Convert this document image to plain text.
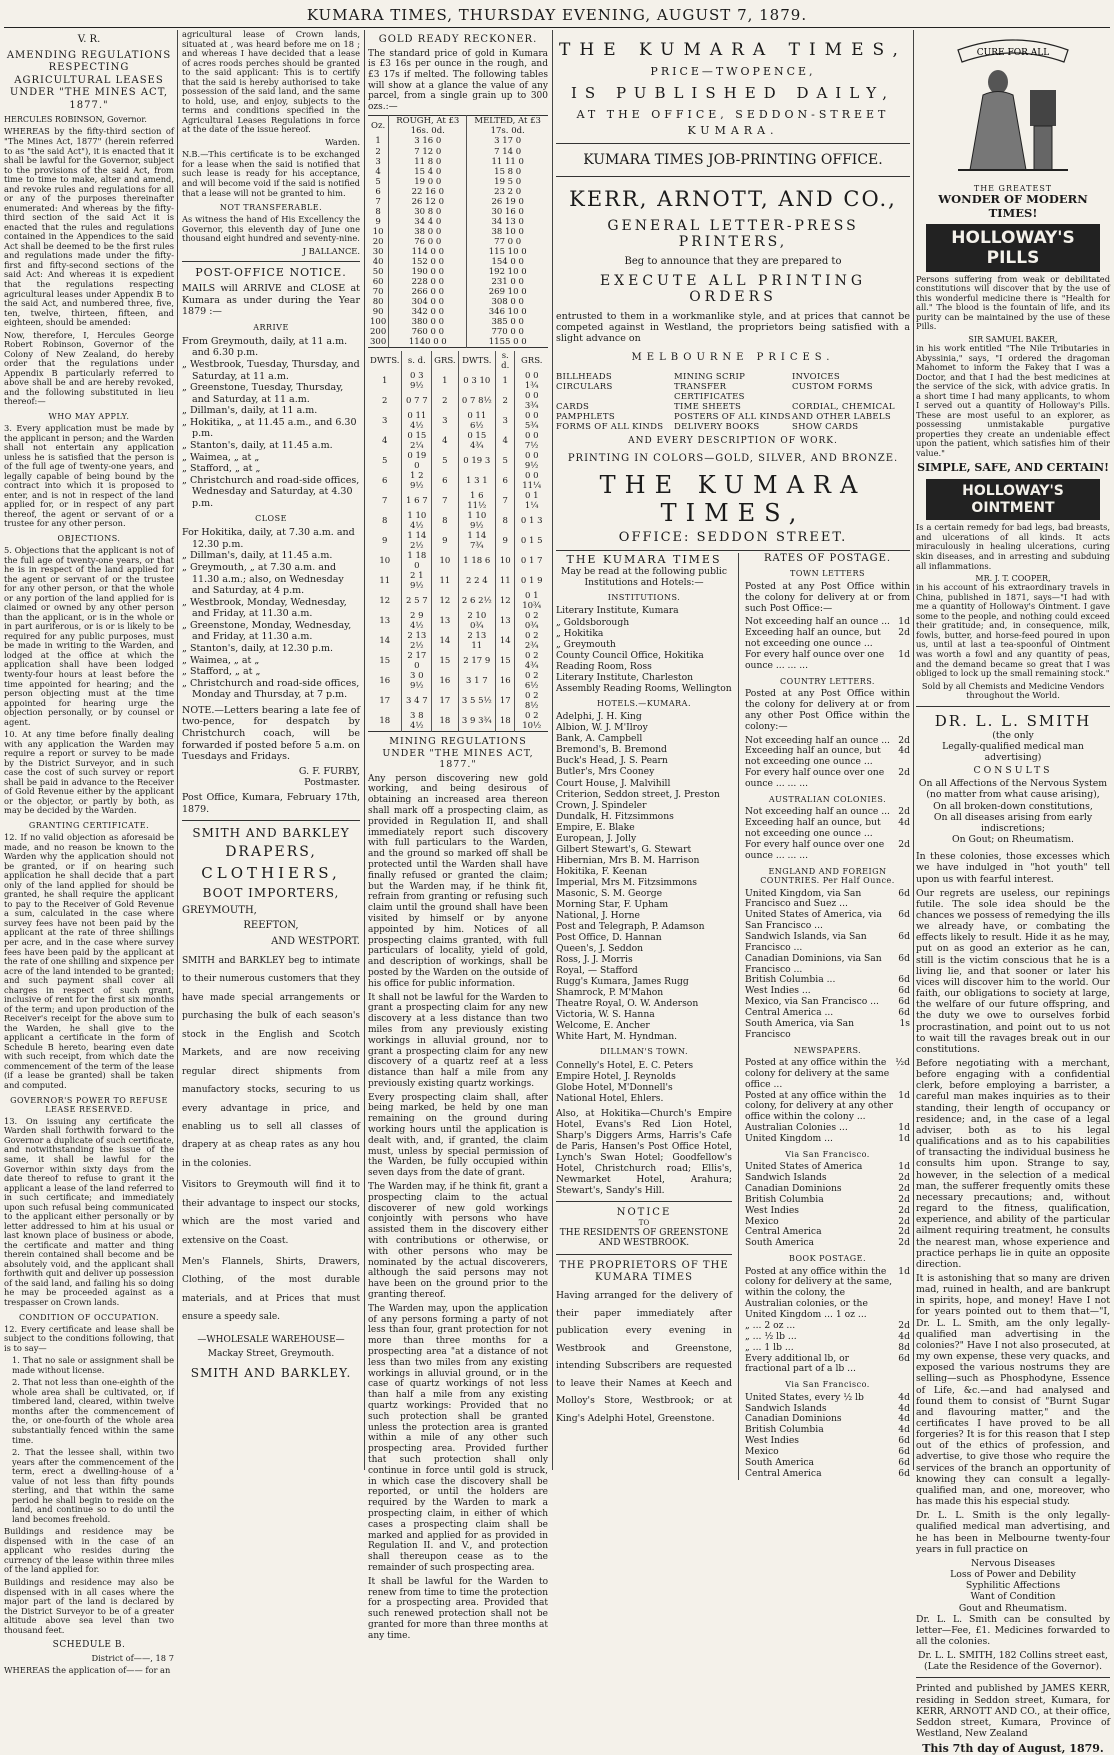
KUMARA TIMES, THURSDAY EVENING, AUGUST 7, 1879.
V. R.
AMENDING REGULATIONS RESPECTING AGRICULTURAL LEASES UNDER "THE MINES ACT, 1877."
HERCULES ROBINSON, Governor.

WHEREAS by the fifty-third section of "The Mines Act, 1877" (herein referred to as "the said Act"), it is enacted that it shall be lawful for the Governor, subject to the provisions of the said Act, from time to time to make, alter and amend, and revoke rules and regulations for all or any of the purposes thereinafter enumerated: And whereas by the fifty-third section of the said Act it is enacted that the rules and regulations contained in the Appendices to the said Act shall be deemed to be the first rules and regulations made under the fifty-first and fifty-second sections of the said Act: And whereas it is expedient that the regulations respecting agricultural leases under Appendix B to the said Act, and numbered three, five, ten, twelve, thirteen, fifteen, and eighteen, should be amended:

Now, therefore, I, Hercules George Robert Robinson, Governor of the Colony of New Zealand, do hereby order that the regulations under Appendix B particularly referred to above shall be and are hereby revoked, and the following substituted in lieu thereof:—

WHO MAY APPLY.

3. Every application must be made by the applicant in person; and the Warden shall not entertain any application unless he is satisfied that the person is of the full age of twenty-one years, and legally capable of being bound by the contract into which it is proposed to enter, and is not in respect of the land applied for, or in respect of any part thereof, the agent or servant of or a trustee for any other person.

OBJECTIONS.

5. Objections that the applicant is not of the full age of twenty-one years, or that he is in respect of the land applied for the agent or servant of or the trustee for any other person, or that the whole or any portion of the land applied for is claimed or owned by any other person than the applicant, or is in the whole or in part auriferous, or is or is likely to be required for any public purposes, must be made in writing to the Warden, and lodged at the office at which the application shall have been lodged twenty-four hours at least before the time appointed for hearing; and the person objecting must at the time appointed for hearing urge the objection personally, or by counsel or agent.

10. At any time before finally dealing with any application the Warden may require a report or survey to be made by the District Surveyor, and in such case the cost of such survey or report shall be paid in advance to the Receiver of Gold Revenue either by the applicant or the objector, or partly by both, as may be decided by the Warden.

GRANTING CERTIFICATE.

12. If no valid objection as aforesaid be made, and no reason be known to the Warden why the application should not be granted, or if on hearing such application he shall decide that a part only of the land applied for should be granted, he shall require the applicant to pay to the Receiver of Gold Revenue a sum, calculated in the case where survey fees have not been paid by the applicant at the rate of three shillings per acre, and in the case where survey fees have been paid by the applicant at the rate of one shilling and sixpence per acre of the land intended to be granted; and such payment shall cover all charges in respect of such grant, inclusive of rent for the first six months of the term; and upon production of the Receiver's receipt for the above sum to the Warden, he shall give to the applicant a certificate in the form of Schedule B hereto, bearing even date with such receipt, from which date the commencement of the term of the lease (if a lease be granted) shall be taken and computed.

GOVERNOR'S POWER TO REFUSE LEASE RESERVED.

13. On issuing any certificate the Warden shall forthwith forward to the Governor a duplicate of such certificate, and notwithstanding the issue of the same, it shall be lawful for the Governor within sixty days from the date thereof to refuse to grant it the applicant a lease of the land referred to in such certificate; and immediately upon such refusal being communicated to the applicant either personally or by letter addressed to him at his usual or last known place of business or abode, the certificate and matter and thing therein contained shall become and be absolutely void, and the applicant shall forthwith quit and deliver up possession of the said land, and failing his so doing he may be proceeded against as a trespasser on Crown lands.

CONDITION OF OCCUPATION.

12. Every certificate and lease shall be subject to the conditions following, that is to say—

1. That no sale or assignment shall be made without license.

2. That not less than one-eighth of the whole area shall be cultivated, or, if timbered land, cleared, within twelve months after the commencement of the, or one-fourth of the whole area substantially fenced within the same time.

2. That the lessee shall, within two years after the commencement of the term, erect a dwelling-house of a value of not less than fifty pounds sterling, and that within the same period he shall begin to reside on the land, and continue so to do until the land becomes freehold.

Buildings and residence may be dispensed with in the case of an applicant who resides during the currency of the lease within three miles of the land applied for.

Buildings and residence may also be dispensed with in all cases where the major part of the land is declared by the District Surveyor to be of a greater altitude above sea level than two thousand feet.

SCHEDULE B.

District of——, 18 7

WHEREAS the application of—— for an

agricultural lease of Crown lands, situated at , was heard before me on 18 ; and whereas I have decided that a lease of acres roods perches should be granted to the said applicant: This is to certify that the said is hereby authorised to take possession of the said land, and the same to hold, use, and enjoy, subjects to the terms and conditions specified in the Agricultural Leases Regulations in force at the date of the issue hereof.

Warden.

N.B.—This certificate is to be exchanged for a lease when the said is notified that such lease is ready for his acceptance, and will become void if the said is notified that a lease will not be granted to him.

NOT TRANSFERABLE.

As witness the hand of His Excellency the Governor, this eleventh day of June one thousand eight hundred and seventy-nine.

J BALLANCE.

POST-OFFICE NOTICE.

MAILS will ARRIVE and CLOSE at Kumara as under during the Year 1879 :—

ARRIVE
From Greymouth, daily, at 11 a.m. and 6.30 p.m.
„ Westbrook, Tuesday, Thursday, and Saturday, at 11 a.m.
„ Greenstone, Tuesday, Thursday, and Saturday, at 11 a.m.
„ Dillman's, daily, at 11 a.m.
„ Hokitika, „ at 11.45 a.m., and 6.30 p.m.
„ Stanton's, daily, at 11.45 a.m.
„ Waimea, „ at „
„ Stafford, „ at „
„ Christchurch and road-side offices, Wednesday and Saturday, at 4.30 p.m.
CLOSE
For Hokitika, daily, at 7.30 a.m. and 12.30 p.m.
„ Dillman's, daily, at 11.45 a.m.
„ Greymouth, „ at 7.30 a.m. and 11.30 a.m.; also, on Wednesday and Saturday, at 4 p.m.
„ Westbrook, Monday, Wednesday, and Friday, at 11.30 a.m.
„ Greenstone, Monday, Wednesday, and Friday, at 11.30 a.m.
„ Stanton's, daily, at 12.30 p.m.
„ Waimea, „ at „
„ Stafford, „ at „
„ Christchurch and road-side offices, Monday and Thursday, at 7 p.m.

NOTE.—Letters bearing a late fee of two-pence, for despatch by Christchurch coach, will be forwarded if posted before 5 a.m. on Tuesdays and Fridays.

G. F. FURBY,

Postmaster.

Post Office, Kumara, February 17th, 1879.

SMITH AND BARKLEY
DRAPERS,
CLOTHIERS,
BOOT IMPORTERS,
GREYMOUTH,
REEFTON,
AND WESTPORT.

SMITH and BARKLEY beg to intimate to their numerous customers that they have made special arrangements or purchasing the bulk of each season's stock in the English and Scotch Markets, and are now receiving regular direct shipments from manufactory stocks, securing to us every advantage in price, and enabling us to sell all classes of drapery at as cheap rates as any hou in the colonies.

Visitors to Greymouth will find it to their advantage to inspect our stocks, which are the most varied and extensive on the Coast.

Men's Flannels, Shirts, Drawers, Clothing, of the most durable materials, and at Prices that must ensure a speedy sale.

—WHOLESALE WAREHOUSE—
Mackay Street, Greymouth.
SMITH AND BARKLEY.
GOLD READY RECKONER.

The standard price of gold in Kumara is £3 16s per ounce in the rough, and £3 17s if melted. The following tables will show at a glance the value of any parcel, from a single grain up to 300 ozs.:—

Oz.	ROUGH, At £3 16s. 0d.	MELTED, At £3 17s. 0d.
1	3 16 0	3 17 0
2	7 12 0	7 14 0
3	11 8 0	11 11 0
4	15 4 0	15 8 0
5	19 0 0	19 5 0
6	22 16 0	23 2 0
7	26 12 0	26 19 0
8	30 8 0	30 16 0
9	34 4 0	34 13 0
10	38 0 0	38 10 0
20	76 0 0	77 0 0
30	114 0 0	115 10 0
40	152 0 0	154 0 0
50	190 0 0	192 10 0
60	228 0 0	231 0 0
70	266 0 0	269 10 0
80	304 0 0	308 0 0
90	342 0 0	346 10 0
100	380 0 0	385 0 0
200	760 0 0	770 0 0
300	1140 0 0	1155 0 0
DWTS.	s. d.	GRS.	DWTS.	s. d.	GRS.
1	0 3 9½	1	0 3 10	1	0 0 1¾
2	0 7 7	2	0 7 8½	2	0 0 3¾
3	0 11 4½	3	0 11 6½	3	0 0 5¾
4	0 15 2¼	4	0 15 4¾	4	0 0 7½
5	0 19 0	5	0 19 3	5	0 0 9½
6	1 2 9½	6	1 3 1	6	0 0 11¼
7	1 6 7	7	1 6 11½	7	0 1 1¼
8	1 10 4½	8	1 10 9½	8	0 1 3
9	1 14 2½	9	1 14 7¾	9	0 1 5
10	1 18 0	10	1 18 6	10	0 1 7
11	2 1 9½	11	2 2 4	11	0 1 9
12	2 5 7	12	2 6 2½	12	0 1 10¾
13	2 9 4½	13	2 10 0¾	13	0 2 0¾
14	2 13 2½	14	2 13 11	14	0 2 2¾
15	2 17 0	15	2 17 9	15	0 2 4¾
16	3 0 9½	16	3 1 7	16	0 2 6½
17	3 4 7	17	3 5 5½	17	0 2 8½
18	3 8 4½	18	3 9 3¾	18	0 2 10½
MINING REGULATIONS UNDER "THE MINES ACT, 1877."

Any person discovering new gold working, and being desirous of obtaining an increased area thereon shall mark off a prospecting claim, as provided in Regulation II, and shall immediately report such discovery with full particulars to the Warden, and the ground so marked off shall be protected until the Warden shall have finally refused or granted the claim; but the Warden may, if he think fit, refrain from granting or refusing such claim until the ground shall have been visited by himself or by anyone appointed by him. Notices of all prospecting claims granted, with full particulars of locality, yield of gold, and description of workings, shall be posted by the Warden on the outside of his office for public information.

It shall not be lawful for the Warden to grant a prospecting claim for any new discovery at a less distance than two miles from any previously existing workings in alluvial ground, nor to grant a prospecting claim for any new discovery of a quartz reef at a less distance than half a mile from any previously existing quartz workings.

Every prospecting claim shall, after being marked, be held by one man remaining on the ground during working hours until the application is dealt with, and, if granted, the claim must, unless by special permission of the Warden, be fully occupied within seven days from the date of grant.

The Warden may, if he think fit, grant a prospecting claim to the actual discoverer of new gold workings conjointly with persons who have assisted them in the discovery either with contributions or otherwise, or with other persons who may be nominated by the actual discoverers, although the said persons may not have been on the ground prior to the granting thereof.

The Warden may, upon the application of any persons forming a party of not less than four, grant protection for not more than three months for a prospecting area "at a distance of not less than two miles from any existing workings in alluvial ground, or in the case of quartz workings of not less than half a mile from any existing quartz workings: Provided that no such protection shall be granted unless the protection area is granted within a mile of any other such prospecting area. Provided further that such protection shall only continue in force until gold is struck, in which case the discovery shall be reported, or until the holders are required by the Warden to mark a prospecting claim, in either of which cases a prospecting claim shall be marked and applied for as provided in Regulation II. and V., and protection shall thereupon cease as to the remainder of such prospecting area.

It shall be lawful for the Warden to renew from time to time the protection for a prospecting area. Provided that such renewed protection shall not be granted for more than three months at any time.

THE KUMARA TIMES,
PRICE—TWOPENCE,
IS PUBLISHED DAILY,
AT THE OFFICE, SEDDON-STREET
KUMARA.
KUMARA TIMES JOB-PRINTING OFFICE.
KERR, ARNOTT, AND CO.,
GENERAL LETTER-PRESS PRINTERS,
Beg to announce that they are prepared to
EXECUTE ALL PRINTING ORDERS

entrusted to them in a workmanlike style, and at prices that cannot be competed against in Westland, the proprietors being satisfied with a slight advance on

MELBOURNE PRICES.
BILLHEADS	MINING SCRIP	INVOICES
CIRCULARS	TRANSFER CERTIFICATES
CUSTOM FORMS
CARDS	TIME SHEETS	CORDIAL, CHEMICAL
PAMPHLETS	POSTERS OF ALL KINDS AND OTHER LABELS
FORMS OF ALL KINDS	DELIVERY BOOKS	SHOW CARDS
AND EVERY DESCRIPTION OF WORK.
PRINTING IN COLORS—GOLD, SILVER, AND BRONZE.
THE KUMARA TIMES,
OFFICE: SEDDON STREET.
THE KUMARA TIMES

May be read at the following public Institutions and Hotels:—

INSTITUTIONS.
Literary Institute, Kumara
„ Goldsborough
„ Hokitika
„ Greymouth
County Council Office, Hokitika
Reading Room, Ross
Literary Institute, Charleston
Assembly Reading Rooms, Wellington
HOTELS.—KUMARA.
Adelphi, J. H. King
Albion, W. J. M'Ilroy
Bank, A. Campbell
Bremond's, B. Bremond
Buck's Head, J. S. Pearn
Butler's, Mrs Cooney
Court House, J. Malvihill
Criterion, Seddon street, J. Preston
Crown, J. Spindeler
Dundalk, H. Fitzsimmons
Empire, E. Blake
European, J. Jolly
Gilbert Stewart's, G. Stewart
Hibernian, Mrs B. M. Harrison
Hokitika, F. Keenan
Imperial, Mrs M. Fitzsimmons
Masonic, S. M. George
Morning Star, F. Upham
National, J. Horne
Post and Telegraph, P. Adamson
Post Office, D. Hannan
Queen's, J. Seddon
Ross, J. J. Morris
Royal, — Stafford
Rugg's Kumara, James Rugg
Shamrock, P. M'Mahon
Theatre Royal, O. W. Anderson
Victoria, W. S. Hanna
Welcome, E. Ancher
White Hart, M. Hyndman.
DILLMAN'S TOWN.
Connelly's Hotel, E. C. Peters
Empire Hotel, J. Reynolds
Globe Hotel, M'Donnell's
National Hotel, Ehlers.

Also, at Hokitika—Church's Empire Hotel, Evans's Red Lion Hotel, Sharp's Diggers Arms, Harris's Cafe de Paris, Hansen's Post Office Hotel, Lynch's Swan Hotel; Goodfellow's Hotel, Christchurch road; Ellis's, Newmarket Hotel, Arahura; Stewart's, Sandy's Hill.

NOTICE
TO
THE RESIDENTS OF GREENSTONE AND WESTBROOK.
THE PROPRIETORS OF THE KUMARA TIMES

Having arranged for the delivery of their paper immediately after publication every evening in Westbrook and Greenstone, intending Subscribers are requested to leave their Names at Keech and Molloy's Store, Westbrook; or at King's Adelphi Hotel, Greenstone.

RATES OF POSTAGE.
TOWN LETTERS

Posted at any Post Office within the colony for delivery at or from such Post Office:—

Not exceeding half an ounce ... 1d
Exceeding half an ounce, but not exceeding one ounce ...
2d
For every half ounce over one ounce ... ... ...
1d
COUNTRY LETTERS.

Posted at any Post Office within the colony for delivery at or from any other Post Office within the colony:—

Not exceeding half an ounce ... 2d
Exceeding half an ounce, but not exceeding one ounce ...
4d
For every half ounce over one ounce ... ... ...
2d
AUSTRALIAN COLONIES.
Not exceeding half an ounce ... 2d
Exceeding half an ounce, but not exceeding one ounce ...
4d
For every half ounce over one ounce ... ... ...
2d
ENGLAND AND FOREIGN COUNTRIES. Per Half Ounce.
United Kingdom, via San Francisco and Suez ...
6d
United States of America, via San Francisco ...
6d
Sandwich Islands, via San Francisco ...
6d
Canadian Dominions, via San Francisco ...
6d
British Columbia ...	6d
West Indies ...	6d
Mexico, via San Francisco ...	6d
Central America ...	6d
South America, via San Francisco
1s
NEWSPAPERS.
Posted at any office within the colony for delivery at the same office ...
½d
Posted at any office within the colony, for delivery at any other office within the colony ...
1d
Australian Colonies ...	1d
United Kingdom ...	1d
Via San Francisco.
United States of America	1d
Sandwich Islands	2d
Canadian Dominions	2d
British Columbia	2d
West Indies	2d
Mexico	2d
Central America	2d
South America	2d
BOOK POSTAGE.
Posted at any office within the colony for delivery at the same, within the colony, the Australian colonies, or the United Kingdom ... 1 oz ...
1d
„ ... 2 oz ...	2d
„ ... ½ lb ...	4d
„ ... 1 lb ...	8d
Every additional lb, or fractional part of a lb ...
6d
Via San Francisco.
United States, every ½ lb	4d
Sandwich Islands	4d
Canadian Dominions	4d
British Columbia	4d
West Indies	6d
Mexico	6d
South America	6d
Central America	6d
CURE FOR ALL
THE GREATEST
WONDER OF MODERN TIMES!
HOLLOWAY'S PILLS

Persons suffering from weak or debilitated constitutions will discover that by the use of this wonderful medicine there is "Health for all." The blood is the fountain of life, and its purity can be maintained by the use of these Pills.

SIR SAMUEL BAKER,

in his work entitled "The Nile Tributaries in Abyssinia," says, "I ordered the dragoman Mahomet to inform the Fakey that I was a Doctor, and that I had the best medicines at the service of the sick, with advice gratis. In a short time I had many applicants, to whom I served out a quantity of Holloway's Pills. These are most useful to an explorer, as possessing unmistakable purgative properties they create an undeniable effect upon the patient, which satisfies him of their value."

SIMPLE, SAFE, AND CERTAIN!
HOLLOWAY'S OINTMENT

Is a certain remedy for bad legs, bad breasts, and ulcerations of all kinds. It acts miraculously in healing ulcerations, curing skin diseases, and in arresting and subduing all inflammations.

MR. J. T. COOPER,

in his account of his extraordinary travels in China, published in 1871, says—"I had with me a quantity of Holloway's Ointment. I gave some to the people, and nothing could exceed their gratitude; and, in consequence, milk, fowls, butter, and horse-feed poured in upon us, until at last a tea-spoonful of Ointment was worth a fowl and any quantity of peas, and the demand became so great that I was obliged to lock up the small remaining stock."

Sold by all Chemists and Medicine Vendors throughout the World.

DR. L. L. SMITH
(the only
Legally-qualified medical man advertising)
CONSULTS
On all Affections of the Nervous System (no matter from what cause arising),
On all broken-down constitutions,
On all diseases arising from early indiscretions;
On Gout; on Rheumatism.

In these colonies, those excesses which we have indulged in "hot youth" tell upon us with fearful interest.

Our regrets are useless, our repinings futile. The sole idea should be the chances we possess of remedying the ills we already have, or combating the effects likely to result. Hide it as he may, put on as good an exterior as he can, still is the victim conscious that he is a living lie, and that sooner or later his vices will discover him to the world. Our faith, our obligations to society at large, the welfare of our future offspring, and the duty we owe to ourselves forbid procrastination, and point out to us not to wait till the ravages break out in our constitutions.

Before negotiating with a merchant, before engaging with a confidential clerk, before employing a barrister, a careful man makes inquiries as to their standing, their length of occupancy or residence; and, in the case of a legal adviser, both as to his legal qualifications and as to his capabilities of transacting the individual business he consults him upon. Strange to say, however, in the selection of a medical man, the sufferer frequently omits these necessary precautions; and, without regard to the fitness, qualification, experience, and ability of the particular ailment requiring treatment, he consults the nearest man, whose experience and practice perhaps lie in quite an opposite direction.

It is astonishing that so many are driven mad, ruined in health, and are bankrupt in spirits, hope, and money! Have I not for years pointed out to them that—"I, Dr. L. L. Smith, am the only legally-qualified man advertising in the colonies?" Have I not also prosecuted, at my own expense, these very quacks, and exposed the various nostrums they are selling—such as Phosphodyne, Essence of Life, &c.—and had analysed and found them to consist of "Burnt Sugar and flavouring matter," and the certificates I have proved to be all forgeries? It is for this reason that I step out of the ethics of profession, and advertise, to give those who require the services of the branch an opportunity of knowing they can consult a legally-qualified man, and one, moreover, who has made this his especial study.

Dr. L. L. Smith is the only legally-qualified medical man advertising, and he has been in Melbourne twenty-four years in full practice on

Nervous Diseases
Loss of Power and Debility
Syphilitic Affections
Want of Condition
Gout and Rheumatism.

Dr. L. L. Smith can be consulted by letter—Fee, £1. Medicines forwarded to all the colonies.

Dr. L. L. SMITH, 182 Collins street east, (Late the Residence of the Governor).

Printed and published by JAMES KERR, residing in Seddon street, Kumara, for KERR, ARNOTT AND CO., at their office, Seddon street, Kumara, Province of Westland, New Zealand

This 7th day of August, 1879.
